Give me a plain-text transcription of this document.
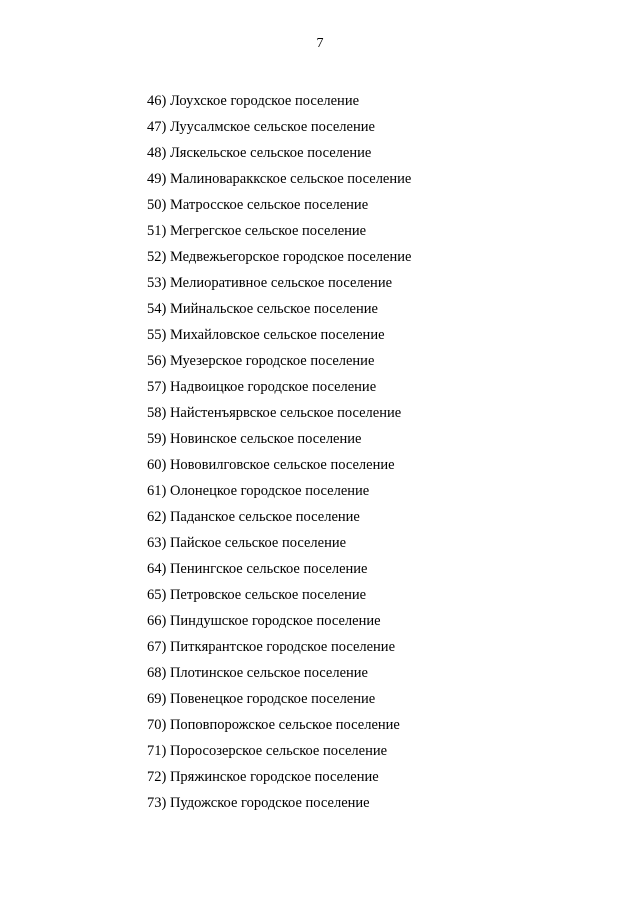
7
46) Лоухское городское поселение
47) Луусалмское сельское поселение
48) Ляскельское сельское поселение
49) Малиновараккское сельское поселение
50) Матросское сельское поселение
51) Мегрегское сельское поселение
52) Медвежьегорское городское поселение
53) Мелиоративное сельское поселение
54) Мийнальское сельское поселение
55) Михайловское сельское поселение
56) Муезерское городское поселение
57) Надвоицкое городское поселение
58) Найстенъярвское сельское поселение
59) Новинское сельское поселение
60) Нововилговское сельское поселение
61) Олонецкое городское поселение
62) Паданское сельское поселение
63) Пайское сельское поселение
64) Пенингское сельское поселение
65) Петровское сельское поселение
66) Пиндушское городское поселение
67) Питкярантское городское поселение
68) Плотинское сельское поселение
69) Повенецкое городское поселение
70) Поповпорожское сельское поселение
71) Поросозерское сельское поселение
72) Пряжинское городское поселение
73) Пудожское городское поселение
